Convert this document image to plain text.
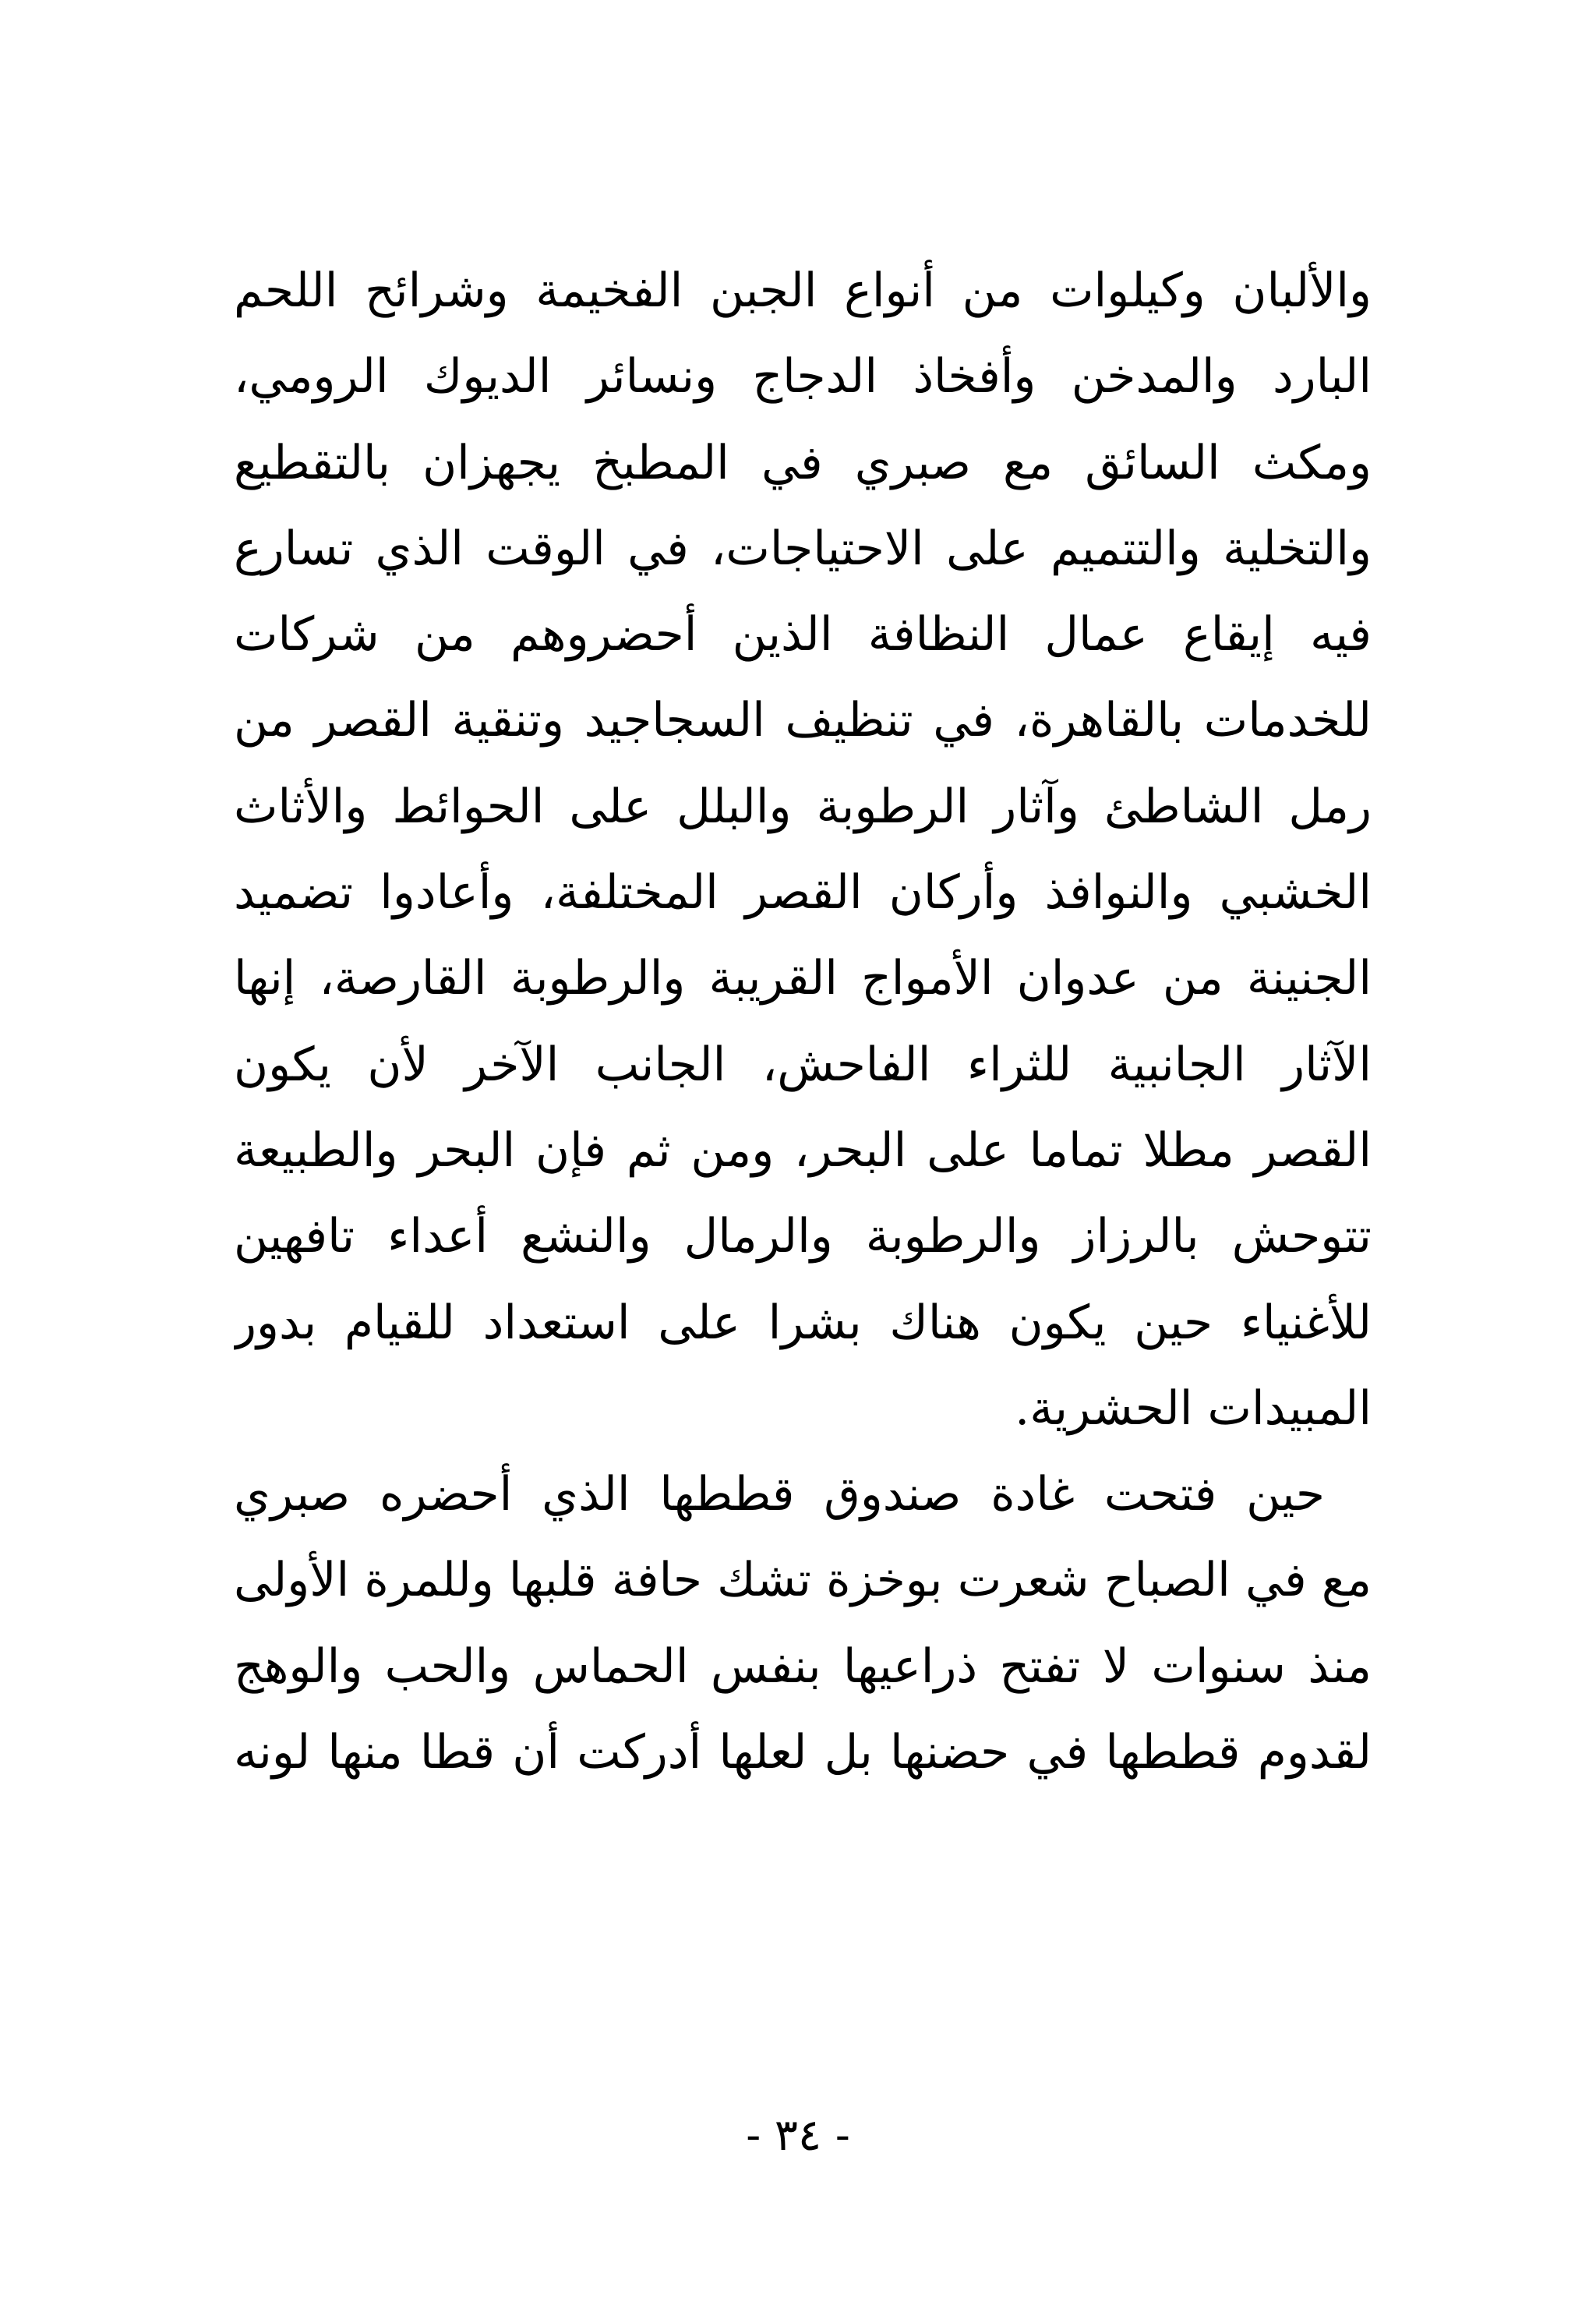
والألبان وكيلوات من أنواع الجبن الفخيمة وشرائح اللحم
البارد والمدخن وأفخاذ الدجاج ونسائر الديوك الرومي،
ومكث السائق مع صبري في المطبخ يجهزان بالتقطيع
والتخلية والتتميم على الاحتياجات، في الوقت الذي تسارع
فيه إيقاع عمال النظافة الذين أحضروهم من شركات
للخدمات بالقاهرة، في تنظيف السجاجيد وتنقية القصر من
رمل الشاطئ وآثار الرطوبة والبلل على الحوائط والأثاث
الخشبي والنوافذ وأركان القصر المختلفة، وأعادوا تضميد
الجنينة من عدوان الأمواج القريبة والرطوبة القارصة، إنها
الآثار الجانبية للثراء الفاحش، الجانب الآخر لأن يكون
القصر مطلا تماما على البحر، ومن ثم فإن البحر والطبيعة
تتوحش بالرزاز والرطوبة والرمال والنشع أعداء تافهين
للأغنياء حين يكون هناك بشرا على استعداد للقيام بدور
المبيدات الحشرية.
حين فتحت غادة صندوق قططها الذي أحضره صبري
مع في الصباح شعرت بوخزة تشك حافة قلبها وللمرة الأولى
منذ سنوات لا تفتح ذراعيها بنفس الحماس والحب والوهج
لقدوم قططها في حضنها بل لعلها أدركت أن قطا منها لونه
- ٣٤ -
